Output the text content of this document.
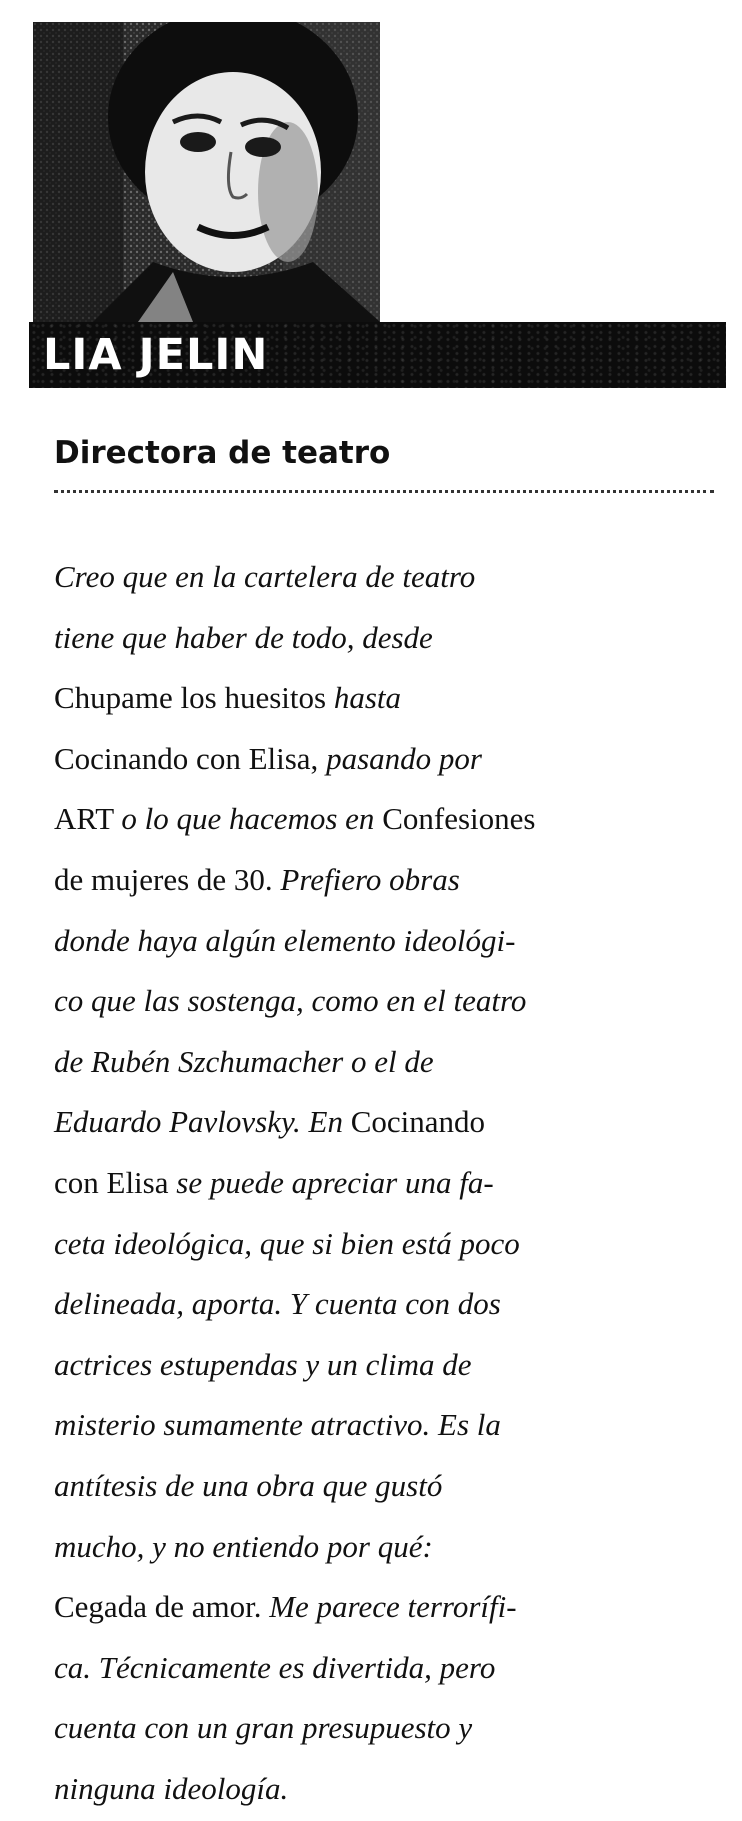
LIA JELIN
Directora de teatro
Creo que en la cartelera de teatro
tiene que haber de todo, desde
Chupame los huesitos hasta
Cocinando con Elisa, pasando por
ART o lo que hacemos en Confesiones
de mujeres de 30. Prefiero obras
donde haya algún elemento ideológi-
co que las sostenga, como en el teatro
de Rubén Szchumacher o el de
Eduardo Pavlovsky. En Cocinando
con Elisa se puede apreciar una fa-
ceta ideológica, que si bien está poco
delineada, aporta. Y cuenta con dos
actrices estupendas y un clima de
misterio sumamente atractivo. Es la
antítesis de una obra que gustó
mucho, y no entiendo por qué:
Cegada de amor. Me parece terrorífi-
ca. Técnicamente es divertida, pero
cuenta con un gran presupuesto y
ninguna ideología.
